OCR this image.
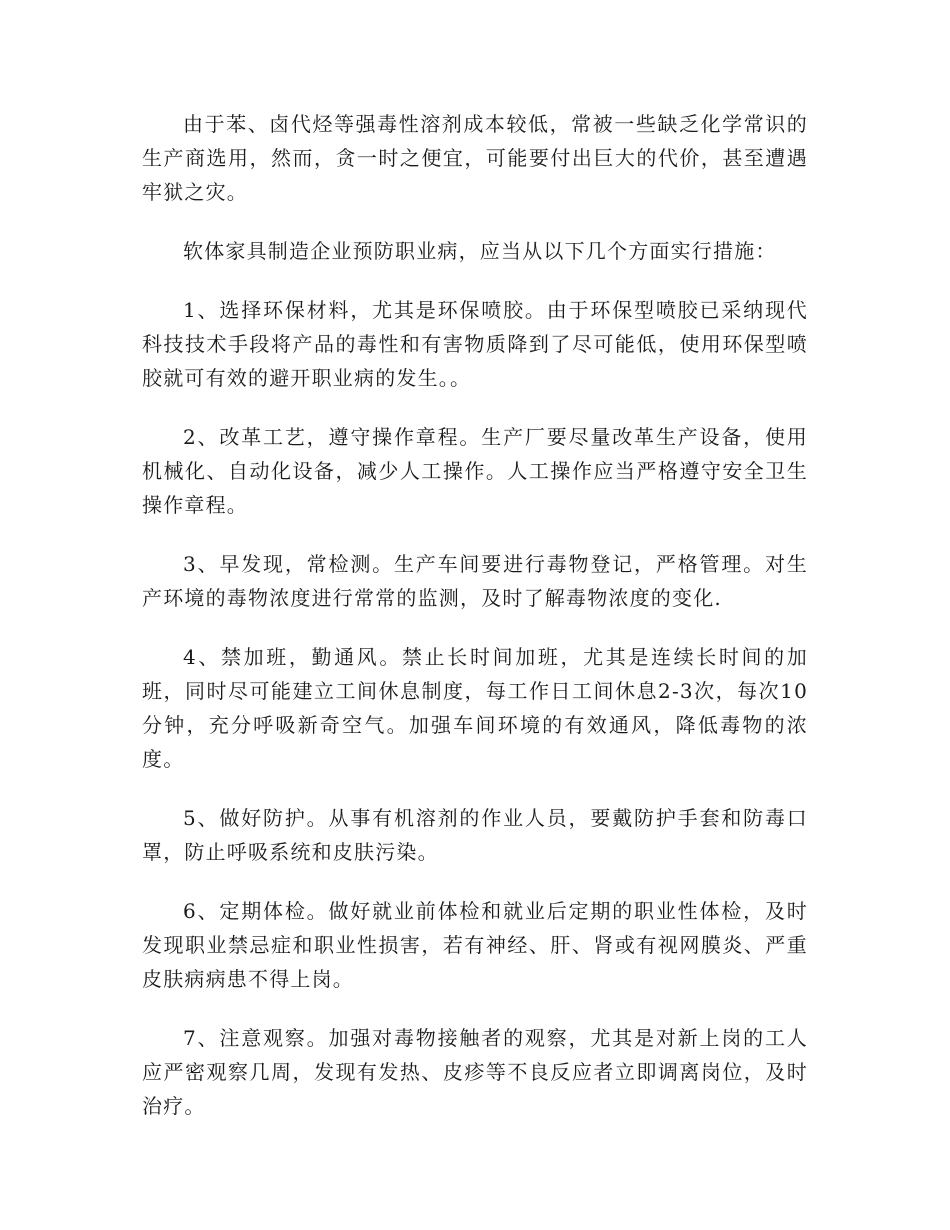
由于苯、卤代烃等强毒性溶剂成本较低，常被一些缺乏化学常识的生产商选用，然而，贪一时之便宜，可能要付出巨大的代价，甚至遭遇牢狱之灾。

软体家具制造企业预防职业病，应当从以下几个方面实行措施：

1、选择环保材料，尤其是环保喷胶。由于环保型喷胶已采纳现代科技技术手段将产品的毒性和有害物质降到了尽可能低，使用环保型喷胶就可有效的避开职业病的发生。。

2、改革工艺，遵守操作章程。生产厂要尽量改革生产设备，使用机械化、自动化设备，减少人工操作。人工操作应当严格遵守安全卫生操作章程。

3、早发现，常检测。生产车间要进行毒物登记，严格管理。对生产环境的毒物浓度进行常常的监测，及时了解毒物浓度的变化.

4、禁加班，勤通风。禁止长时间加班，尤其是连续长时间的加班，同时尽可能建立工间休息制度，每工作日工间休息2-3次，每次10分钟，充分呼吸新奇空气。加强车间环境的有效通风，降低毒物的浓度。

5、做好防护。从事有机溶剂的作业人员，要戴防护手套和防毒口罩，防止呼吸系统和皮肤污染。

6、定期体检。做好就业前体检和就业后定期的职业性体检，及时发现职业禁忌症和职业性损害，若有神经、肝、肾或有视网膜炎、严重皮肤病病患不得上岗。

7、注意观察。加强对毒物接触者的观察，尤其是对新上岗的工人应严密观察几周，发现有发热、皮疹等不良反应者立即调离岗位，及时治疗。
